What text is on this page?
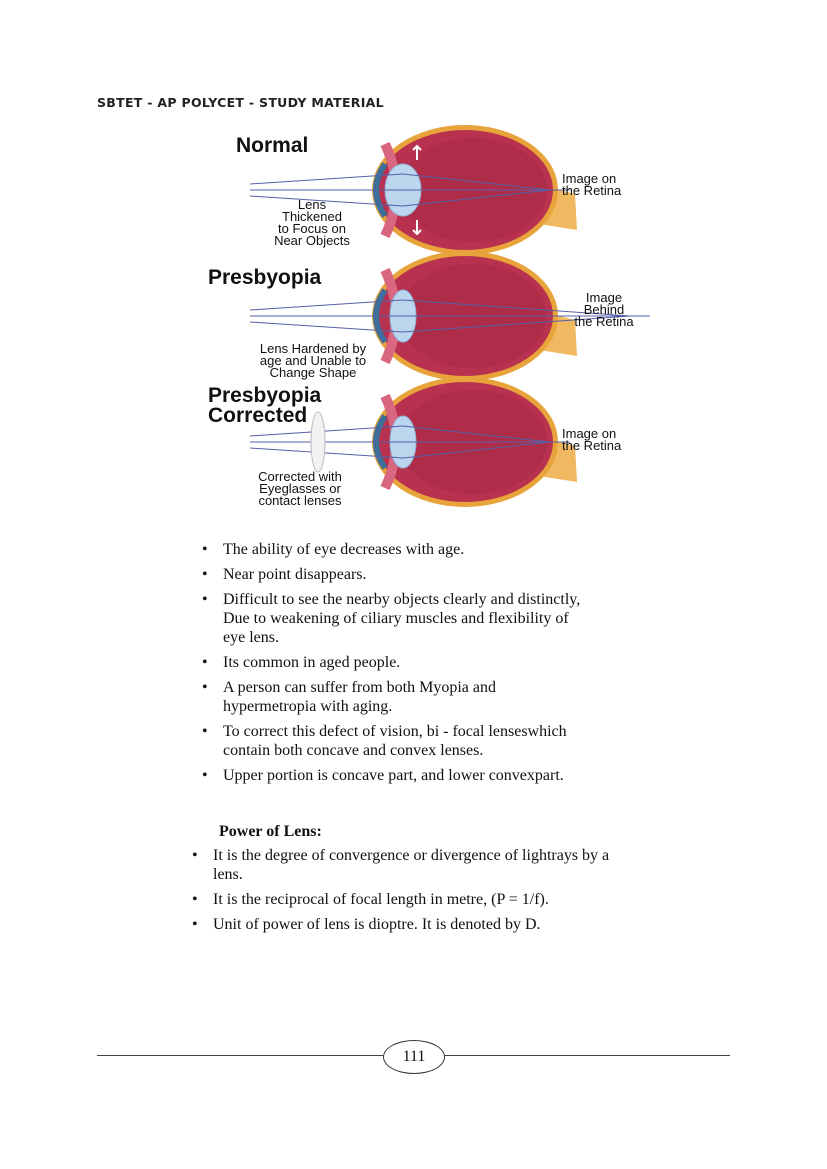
SBTET - AP POLYCET - STUDY MATERIAL
Normal
Image on
the Retina
Lens
Thickened
to Focus on
Near Objects
Presbyopia
Image
Behind
the Retina
Lens Hardened by
age and Unable to
Change Shape
Presbyopia
Corrected
Image on
the Retina
Corrected with
Eyeglasses or
contact lenses
• The ability of eye decreases with age.
• Near point disappears.
• Difficult to see the nearby objects clearly and distinctly,
Due to weakening of ciliary muscles and flexibility of
eye lens.
• Its common in aged people.
• A person can suffer from both Myopia and
hypermetropia with aging.
• To correct this defect of vision, bi - focal lenseswhich
contain both concave and convex lenses.
• Upper portion is concave part, and lower convexpart.
Power of Lens:
• It is the degree of convergence or divergence of lightrays by a
lens.
• It is the reciprocal of focal length in metre, (P = 1/f).
• Unit of power of lens is dioptre. It is denoted by D.
111
